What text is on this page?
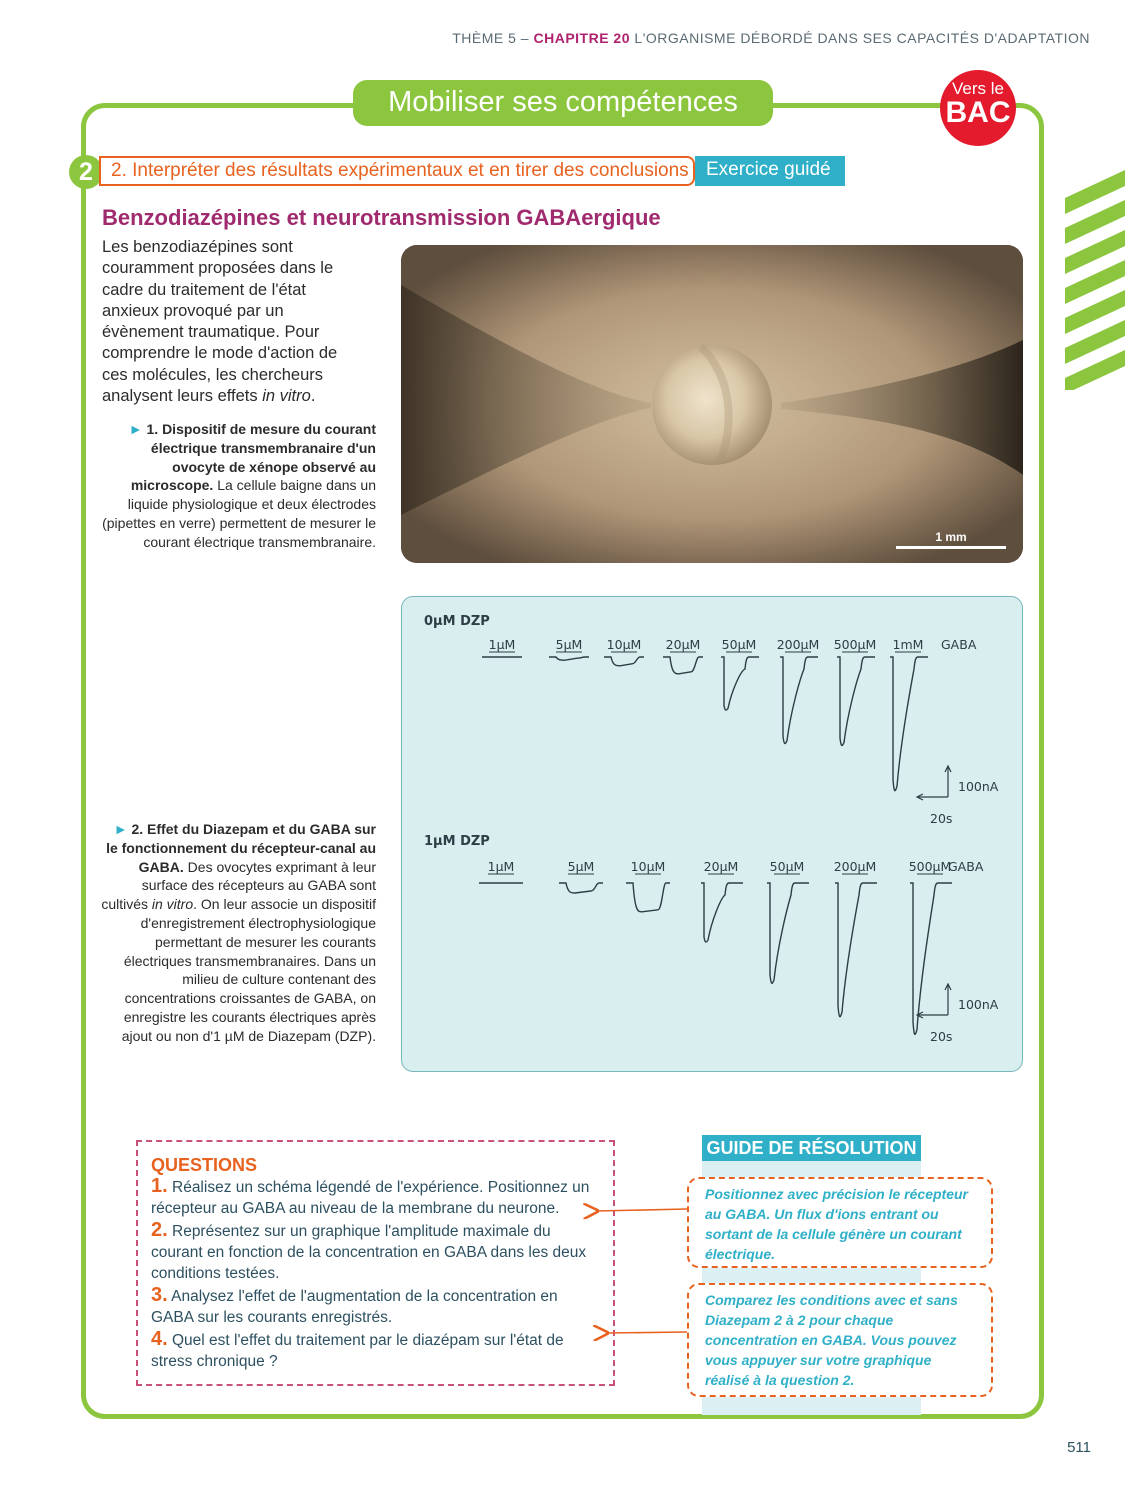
THÈME 5 – CHAPITRE 20 L'ORGANISME DÉBORDÉ DANS SES CAPACITÉS D'ADAPTATION
Mobiliser ses compétences	Vers le
BAC
2 2. Interpréter des résultats expérimentaux et en tirer des conclusions Exercice guidé
Benzodiazépines et neurotransmission GABAergique
Les benzodiazépines sont couramment proposées dans le cadre du traitement de l'état anxieux provoqué par un évènement traumatique. Pour comprendre le mode d'action de ces molécules, les chercheurs analysent leurs effets in vitro.
► 1. Dispositif de mesure du courant électrique transmembranaire d'un ovocyte de xénope observé au microscope. La cellule baigne dans un liquide physiologique et deux électrodes (pipettes en verre) permettent de mesurer le courant électrique transmembranaire.	1 mm
► 2. Effet du Diazepam et du GABA sur le fonctionnement du récepteur-canal au GABA. Des ovocytes exprimant à leur surface des récepteurs au GABA sont cultivés in vitro. On leur associe un dispositif d'enregistrement électrophysiologique permettant de mesurer les courants électriques transmembranaires. Dans un milieu de culture contenant des concentrations croissantes de GABA, on enregistre les courants électriques après ajout ou non d'1 µM de Diazepam (DZP).
0µM DZP
1µM	5µM 10µM 20µM 50µM 200µM 500µM 1mM GABA
100nA
20s
1µM DZP
1µM	5µM	10µM	20µM	50µM 200µM	500µM
GABA
100nA
20s
QUESTIONS
1. Réalisez un schéma légendé de l'expérience. Positionnez un récepteur au GABA au niveau de la membrane du neurone.
2. Représentez sur un graphique l'amplitude maximale du courant en fonction de la concentration en GABA dans les deux conditions testées.
3. Analysez l'effet de l'augmentation de la concentration en GABA sur les courants enregistrés.
4. Quel est l'effet du traitement par le diazépam sur l'état de stress chronique ?
GUIDE DE RÉSOLUTION
Positionnez avec précision le récepteur au GABA. Un flux d'ions entrant ou sortant de la cellule génère un courant électrique.
Comparez les conditions avec et sans Diazepam 2 à 2 pour chaque concentration en GABA. Vous pouvez vous appuyer sur votre graphique réalisé à la question 2.
511
